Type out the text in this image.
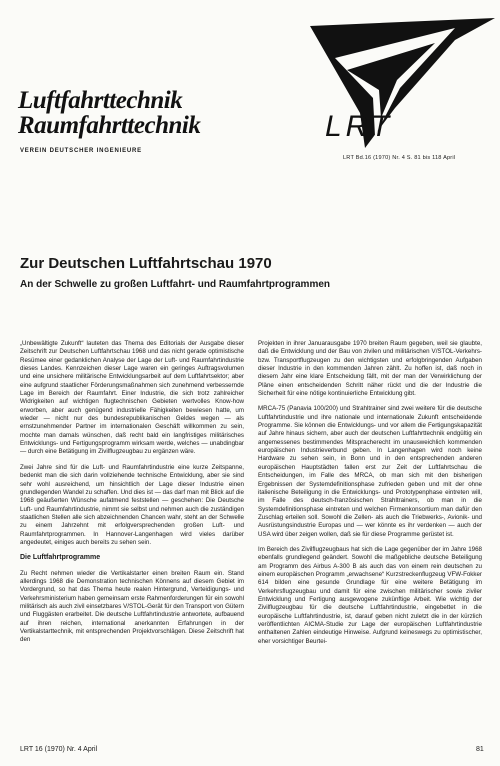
Luftfahrttechnik
Raumfahrttechnik
VEREIN DEUTSCHER INGENIEURE
LRT
LRT Bd.16 (1970) Nr. 4 S. 81 bis 118 April
Zur Deutschen Luftfahrtschau 1970
An der Schwelle zu großen Luftfahrt- und Raumfahrtprogrammen

„Unbewältigte Zukunft“ lauteten das Thema des Editorials der Ausgabe dieser Zeitschrift zur Deutschen Luftfahrtschau 1968 und das nicht gerade optimistische Resümee einer gedanklichen Analyse der Lage der Luft- und Raumfahrtindustrie dieses Landes. Kennzeichen dieser Lage waren ein geringes Auftragsvolumen und eine unsichere militärische Entwicklungsarbeit auf dem Luftfahrtsektor; aber eine aufgrund staatlicher Förderungsmaßnahmen sich zunehmend verbessernde Lage im Bereich der Raumfahrt. Einer Industrie, die sich trotz zahlreicher Widrigkeiten auf wichtigen flugtechnischen Gebieten wertvolles Know-how erworben, aber auch genügend industrielle Fähigkeiten bewiesen hatte, um wieder — nicht nur des bundesrepublikanischen Geldes wegen — als ernstzunehmender Partner im internationalen Geschäft willkommen zu sein, mochte man damals wünschen, daß recht bald ein langfristiges militärisches Entwicklungs- und Fertigungsprogramm wirksam werde, welches — unabdingbar — durch eine Betätigung im Zivilflugzeugbau zu ergänzen wäre.

Zwei Jahre sind für die Luft- und Raumfahrtindustrie eine kurze Zeitspanne, bedenkt man die sich darin vollziehende technische Entwicklung, aber sie sind sehr wohl ausreichend, um hinsichtlich der Lage dieser Industrie einen grundlegenden Wandel zu schaffen. Und dies ist — das darf man mit Blick auf die 1968 geäußerten Wünsche aufatmend feststellen — geschehen: Die Deutsche Luft- und Raumfahrtindustrie, nimmt sie selbst und nehmen auch die zuständigen staatlichen Stellen alle sich abzeichnenden Chancen wahr, steht an der Schwelle zu einem Jahrzehnt mit erfolgversprechenden großen Luft- und Raumfahrtprogrammen. In Hannover-Langenhagen wird vieles darüber angedeutet, einiges auch bereits zu sehen sein.

Die Luftfahrtprogramme

Zu Recht nehmen wieder die Vertikalstarter einen breiten Raum ein. Stand allerdings 1968 die Demonstration technischen Könnens auf diesem Gebiet im Vordergrund, so hat das Thema heute realen Hintergrund, Verteidigungs- und Verkehrsministerium haben gemeinsam erste Rahmenforderungen für ein sowohl militärisch als auch zivil einsetzbares V/STOL-Gerät für den Transport von Gütern und Fluggästen erarbeitet. Die deutsche Luftfahrtindustrie antwortete, aufbauend auf ihren reichen, international anerkannten Erfahrungen in der Vertikalstarttechnik, mit entsprechenden Projektvorschlägen. Diese Zeitschrift hat den

Projekten in ihrer Januarausgabe 1970 breiten Raum gegeben, weil sie glaubte, daß die Entwicklung und der Bau von zivilen und militärischen V/STOL-Verkehrs- bzw. Transportflugzeugen zu den wichtigsten und erfolgbringenden Aufgaben dieser Industrie in den kommenden Jahren zählt. Zu hoffen ist, daß noch in diesem Jahr eine klare Entscheidung fällt, mit der man der Verwirklichung der Pläne einen entscheidenden Schritt näher rückt und die der Industrie die Sicherheit für eine nötige kontinuierliche Entwicklung gibt.

MRCA-75 (Panavia 100/200) und Strahltrainer sind zwei weitere für die deutsche Luftfahrtindustrie und ihre nationale und internationale Zukunft entscheidende Programme. Sie können die Entwicklungs- und vor allem die Fertigungskapazität auf Jahre hinaus sichern, aber auch der deutschen Luftfahrttechnik endgültig ein angemessenes bestimmendes Mitspracherecht im unausweichlich kommenden europäischen Industrieverbund geben. In Langenhagen wird noch keine Hardware zu sehen sein, in Bonn und in den entsprechenden anderen europäischen Hauptstädten fallen erst zur Zeit der Luftfahrtschau die Entscheidungen, im Falle des MRCA, ob man sich mit den bisherigen Ergebnissen der Systemdefinitionsphase zufrieden geben und mit der ohne italienische Beteiligung in die Entwicklungs- und Prototypenphase eintreten will, im Falle des deutsch-französischen Strahltrainers, ob man in die Systemdefinitionsphase eintreten und welchen Firmenkonsortium man dafür den Zuschlag erteilen soll. Sowohl die Zellen- als auch die Triebwerks-, Avionik- und Ausrüstungsindustrie Europas und — wer könnte es ihr verdenken — auch der USA wird über zeigen wollen, daß sie für diese Programme gerüstet ist.

Im Bereich des Zivilflugzeugbaus hat sich die Lage gegenüber der im Jahre 1968 ebenfalls grundlegend geändert. Sowohl die maßgebliche deutsche Beteiligung am Programm des Airbus A-300 B als auch das von einem rein deutschen zu einem europäischen Programm „erwachsene“ Kurzstreckenflugzeug VFW-Fokker 614 bilden eine gesunde Grundlage für eine weitere Betätigung im Verkehrsflugzeugbau und damit für eine zwischen militärischer sowie ziviler Entwicklung und Fertigung ausgewogene zukünftige Arbeit. Wie wichtig der Zivilflugzeugbau für die deutsche Luftfahrtindustrie, eingebettet in die europäische Luftfahrtindustrie, ist, darauf geben nicht zuletzt die in der kürzlich veröffentlichten AICMA-Studie zur Lage der europäischen Luftfahrtindustrie enthaltenen Zahlen eindeutige Hinweise. Aufgrund keineswegs zu optimistischer, eher vorsichtiger Beurtei-

LRT 16 (1970) Nr. 4 April	81
